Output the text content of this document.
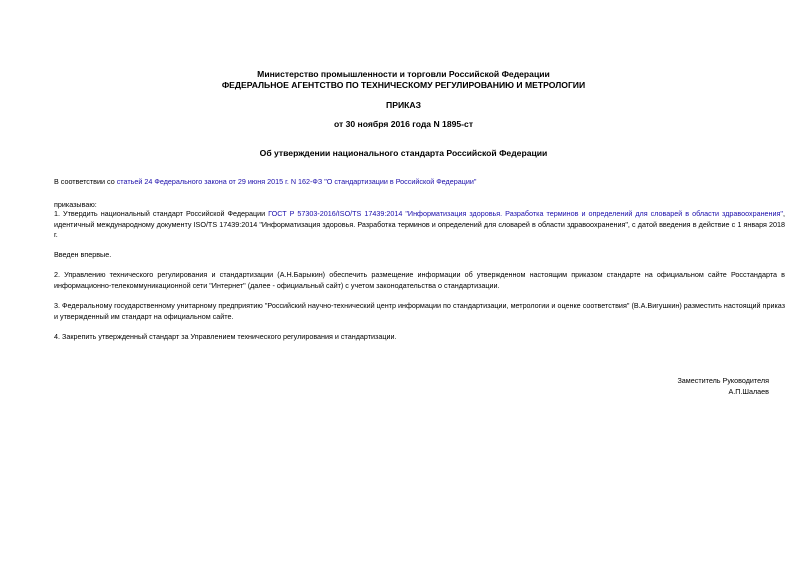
Министерство промышленности и торговли Российской Федерации
ФЕДЕРАЛЬНОЕ АГЕНТСТВО ПО ТЕХНИЧЕСКОМУ РЕГУЛИРОВАНИЮ И МЕТРОЛОГИИ
ПРИКАЗ
от 30 ноября 2016 года N 1895-ст
Об утверждении национального стандарта Российской Федерации
В соответствии со статьей 24 Федерального закона от 29 июня 2015 г. N 162-ФЗ "О стандартизации в Российской Федерации"
приказываю:
1. Утвердить национальный стандарт Российской Федерации ГОСТ Р 57303-2016/ISO/TS 17439:2014 "Информатизация здоровья. Разработка терминов и определений для словарей в области здравоохранения", идентичный международному документу ISO/TS 17439:2014 "Информатизация здоровья. Разработка терминов и определений для словарей в области здравоохранения", с датой введения в действие с 1 января 2018 г.
Введен впервые.
2. Управлению технического регулирования и стандартизации (А.Н.Барыкин) обеспечить размещение информации об утвержденном настоящим приказом стандарте на официальном сайте Росстандарта в информационно-телекоммуникационной сети "Интернет" (далее - официальный сайт) с учетом законодательства о стандартизации.
3. Федеральному государственному унитарному предприятию "Российский научно-технический центр информации по стандартизации, метрологии и оценке соответствия" (В.А.Вигушкин) разместить настоящий приказ и утвержденный им стандарт на официальном сайте.
4. Закрепить утвержденный стандарт за Управлением технического регулирования и стандартизации.
Заместитель Руководителя
А.П.Шалаев
